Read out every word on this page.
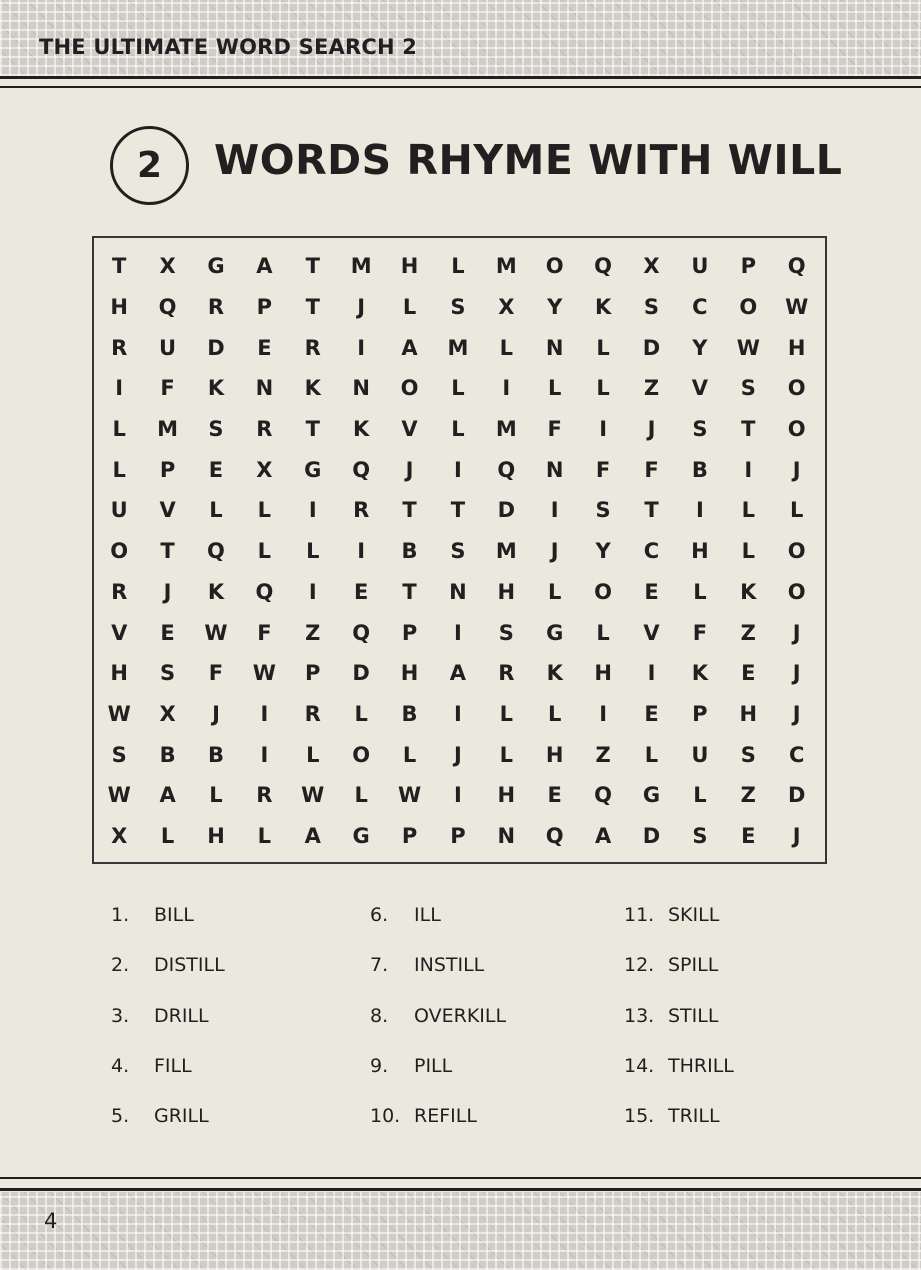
THE ULTIMATE WORD SEARCH 2
2 WORDS RHYME WITH WILL
T	X	G	A	T	M	H	L	M	O	Q	X	U	P	Q
H	Q	R	P	T	J	L	S	X	Y	K	S	C	O	W
R	U	D	E	R	I	A	M	L	N	L	D	Y	W	H
I	F	K	N	K	N	O	L	I	L	L	Z	V	S	O
L	M	S	R	T	K	V	L	M	F	I	J	S	T	O
L	P	E	X	G	Q	J	I	Q	N	F	F	B	I	J
U	V	L	L	I	R	T	T	D	I	S	T	I	L	L
O	T	Q	L	L	I	B	S	M	J	Y	C	H	L	O
R	J	K	Q	I	E	T	N	H	L	O	E	L	K	O
V	E	W	F	Z	Q	P	I	S	G	L	V	F	Z	J
H	S	F	W	P	D	H	A	R	K	H	I	K	E	J
W	X	J	I	R	L	B	I	L	L	I	E	P	H	J
S	B	B	I	L	O	L	J	L	H	Z	L	U	S	C
W	A	L	R	W	L	W	I	H	E	Q	G	L	Z	D
X	L	H	L	A	G	P	P	N	Q	A	D	S	E	J
1. BILL
2. DISTILL
3. DRILL
4. FILL
5. GRILL
6. ILL
7. INSTILL
8. OVERKILL
9. PILL
10. REFILL
11. SKILL
12. SPILL
13. STILL
14. THRILL
15. TRILL
4
